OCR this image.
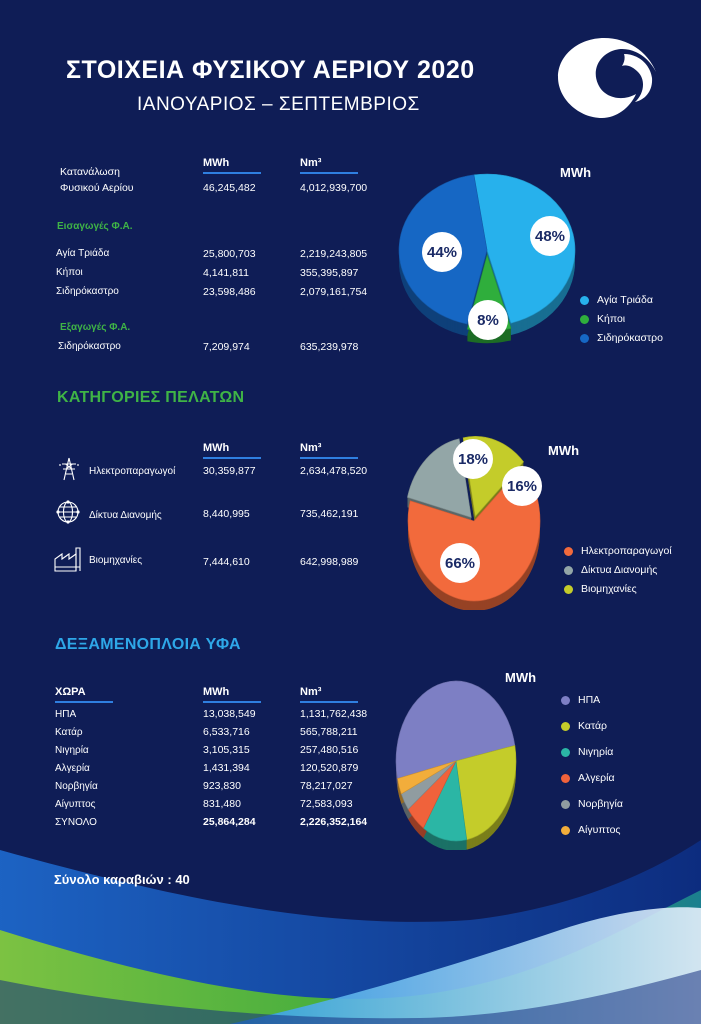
ΣΤΟΙΧΕΙΑ ΦΥΣΙΚΟΥ ΑΕΡΙΟΥ 2020
ΙΑΝΟΥΑΡΙΟΣ – ΣΕΠΤΕΜΒΡΙΟΣ
MWh	Nm³
Κατανάλωση
Φυσικού Αερίου	46,245,482	4,012,939,700
Εισαγωγές Φ.Α.
Αγία Τριάδα	25,800,703	2,219,243,805
Κήποι	4,141,811	355,395,897
Σιδηρόκαστρο	23,598,486	2,079,161,754
Εξαγωγές Φ.Α.
Σιδηρόκαστρο	7,209,974	635,239,978
MWh
48%
8%
44%
Αγία Τριάδα
Κήποι
Σιδηρόκαστρο
ΚΑΤΗΓΟΡΙΕΣ ΠΕΛΑΤΩΝ
MWh	Nm³
Ηλεκτροπαραγωγοί	30,359,877	2,634,478,520
Δίκτυα Διανομής	8,440,995	735,462,191
Βιομηχανίες	7,444,610	642,998,989
MWh
66%
18%
16%
Ηλεκτροπαραγωγοί
Δίκτυα Διανομής
Βιομηχανίες
ΔΕΞΑΜΕΝΟΠΛΟΙΑ ΥΦΑ
ΧΩΡΑ	MWh	Nm³
ΗΠΑ	13,038,549	1,131,762,438
Κατάρ	6,533,716	565,788,211
Νιγηρία	3,105,315	257,480,516
Αλγερία	1,431,394	120,520,879
Νορβηγία	923,830	78,217,027
Αίγυπτος	831,480	72,583,093
ΣΥΝΟΛΟ	25,864,284	2,226,352,164
Σύνολο καραβιών : 40
MWh
ΗΠΑ
Κατάρ
Νιγηρία
Αλγερία
Νορβηγία
Αίγυπτος
